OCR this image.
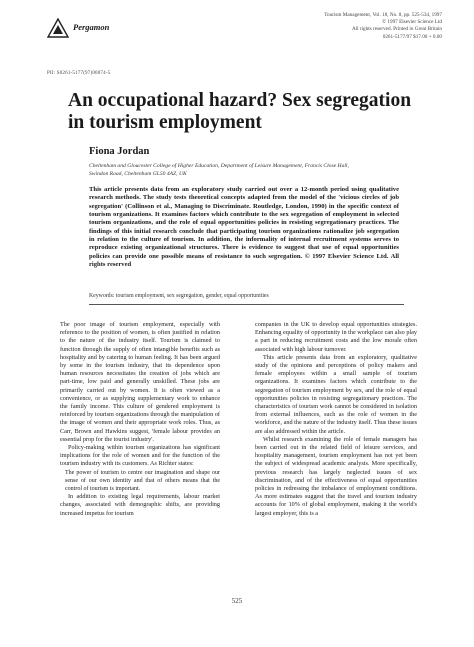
Pergamon
Tourism Management, Vol. 18, No. 8, pp. 525-534, 1997
© 1997 Elsevier Science Ltd
All rights reserved. Printed in Great Britain
0261-5177/97 $17.00 + 0.00
PII: S0261-5177(97)00074-5
An occupational hazard? Sex segregation in tourism employment
Fiona Jordan
Cheltenham and Gloucester College of Higher Education, Department of Leisure Management, Francis Close Hall, Swindon Road, Cheltenham GL50 4AZ, UK
This article presents data from an exploratory study carried out over a 12-month period using qualitative research methods. The study tests theoretical concepts adapted from the model of the 'vicious circles of job segregation' (Collinson et al., Managing to Discriminate. Routledge, London, 1990) in the specific context of tourism organizations. It examines factors which contribute to the sex segregation of employment in selected tourism organizations, and the role of equal opportunities policies in resisting segregationary practices. The findings of this initial research conclude that participating tourism organizations rationalize job segregation in relation to the culture of tourism. In addition, the informality of internal recruitment systems serves to reproduce existing organizational structures. There is evidence to suggest that use of equal opportunities policies can provide one possible means of resistance to such segregation. © 1997 Elsevier Science Ltd. All rights reserved
Keywords: tourism employment, sex segregation, gender, equal opportunities

The poor image of tourism employment, especially with reference to the position of women, is often justified in relation to the nature of the industry itself. Tourism is claimed to function through the supply of often intangible benefits such as hospitality and by catering to human feeling. It has been argued by some in the tourism industry, that its dependence upon human resources necessitates the creation of jobs which are part-time, low paid and generally unskilled. These jobs are primarily carried out by women. It is often viewed as a convenience, or as supplying supplementary work to enhance the family income. This culture of gendered employment is reinforced by tourism organizations through the manipulation of the image of women and their appropriate work roles. Thus, as Carr, Brown and Hawkins suggest, 'female labour provides an essential prop for the tourist industry'.

Policy-making within tourism organizations has significant implications for the role of women and for the function of the tourism industry with its customers. As Richter states:

The power of tourism to centre our imagination and shape our sense of our own identity and that of others means that the control of tourism is important.

In addition to existing legal requirements, labour market changes, associated with demographic shifts, are providing increased impetus for tourism

companies in the UK to develop equal opportunities strategies. Enhancing equality of opportunity in the workplace can also play a part in reducing recruitment costs and the low morale often associated with high labour turnover.

This article presents data from an exploratory, qualitative study of the opinions and perceptions of policy makers and female employees within a small sample of tourism organizations. It examines factors which contribute to the segregation of tourism employment by sex, and the role of equal opportunities policies in resisting segregationary practices. The characteristics of tourism work cannot be considered in isolation from external influences, such as the role of women in the workforce, and the nature of the industry itself. Thus these issues are also addressed within the article.

Whilst research examining the role of female managers has been carried out in the related field of leisure services, and hospitality management, tourism employment has not yet been the subject of widespread academic analysis. More specifically, previous research has largely neglected issues of sex discrimination, and of the effectiveness of equal opportunities policies in redressing the imbalance of employment conditions. As more estimates suggest that the travel and tourism industry accounts for 10% of global employment, making it the world's largest employer, this is a

525
